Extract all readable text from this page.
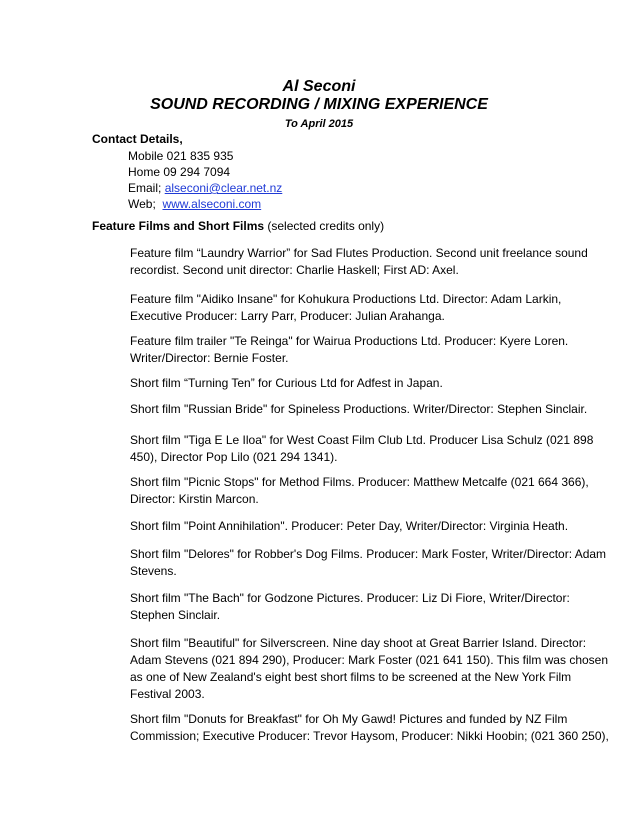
Al Seconi
SOUND RECORDING / MIXING EXPERIENCE
To April 2015
Contact Details,
Mobile 021 835 935
Home 09 294 7094
Email; alseconi@clear.net.nz
Web; www.alseconi.com
Feature Films and Short Films (selected credits only)

Feature film “Laundry Warrior” for Sad Flutes Production. Second unit freelance sound

recordist. Second unit director: Charlie Haskell; First AD: Axel.

Feature film "Aidiko Insane" for Kohukura Productions Ltd. Director: Adam Larkin,

Executive Producer: Larry Parr, Producer: Julian Arahanga.

Feature film trailer "Te Reinga" for Wairua Productions Ltd. Producer: Kyere Loren.

Writer/Director: Bernie Foster.

Short film “Turning Ten” for Curious Ltd for Adfest in Japan.

Short film "Russian Bride" for Spineless Productions. Writer/Director: Stephen Sinclair.

Short film "Tiga E Le Iloa" for West Coast Film Club Ltd. Producer Lisa Schulz (021 898

450), Director Pop Lilo (021 294 1341).

Short film "Picnic Stops" for Method Films. Producer: Matthew Metcalfe (021 664 366),

Director: Kirstin Marcon.

Short film "Point Annihilation". Producer: Peter Day, Writer/Director: Virginia Heath.

Short film "Delores" for Robber's Dog Films. Producer: Mark Foster, Writer/Director: Adam

Stevens.

Short film "The Bach" for Godzone Pictures. Producer: Liz Di Fiore, Writer/Director:

Stephen Sinclair.

Short film "Beautiful" for Silverscreen. Nine day shoot at Great Barrier Island. Director:

Adam Stevens (021 894 290), Producer: Mark Foster (021 641 150). This film was chosen

as one of New Zealand's eight best short films to be screened at the New York Film

Festival 2003.

Short film "Donuts for Breakfast" for Oh My Gawd! Pictures and funded by NZ Film

Commission; Executive Producer: Trevor Haysom, Producer: Nikki Hoobin; (021 360 250),
